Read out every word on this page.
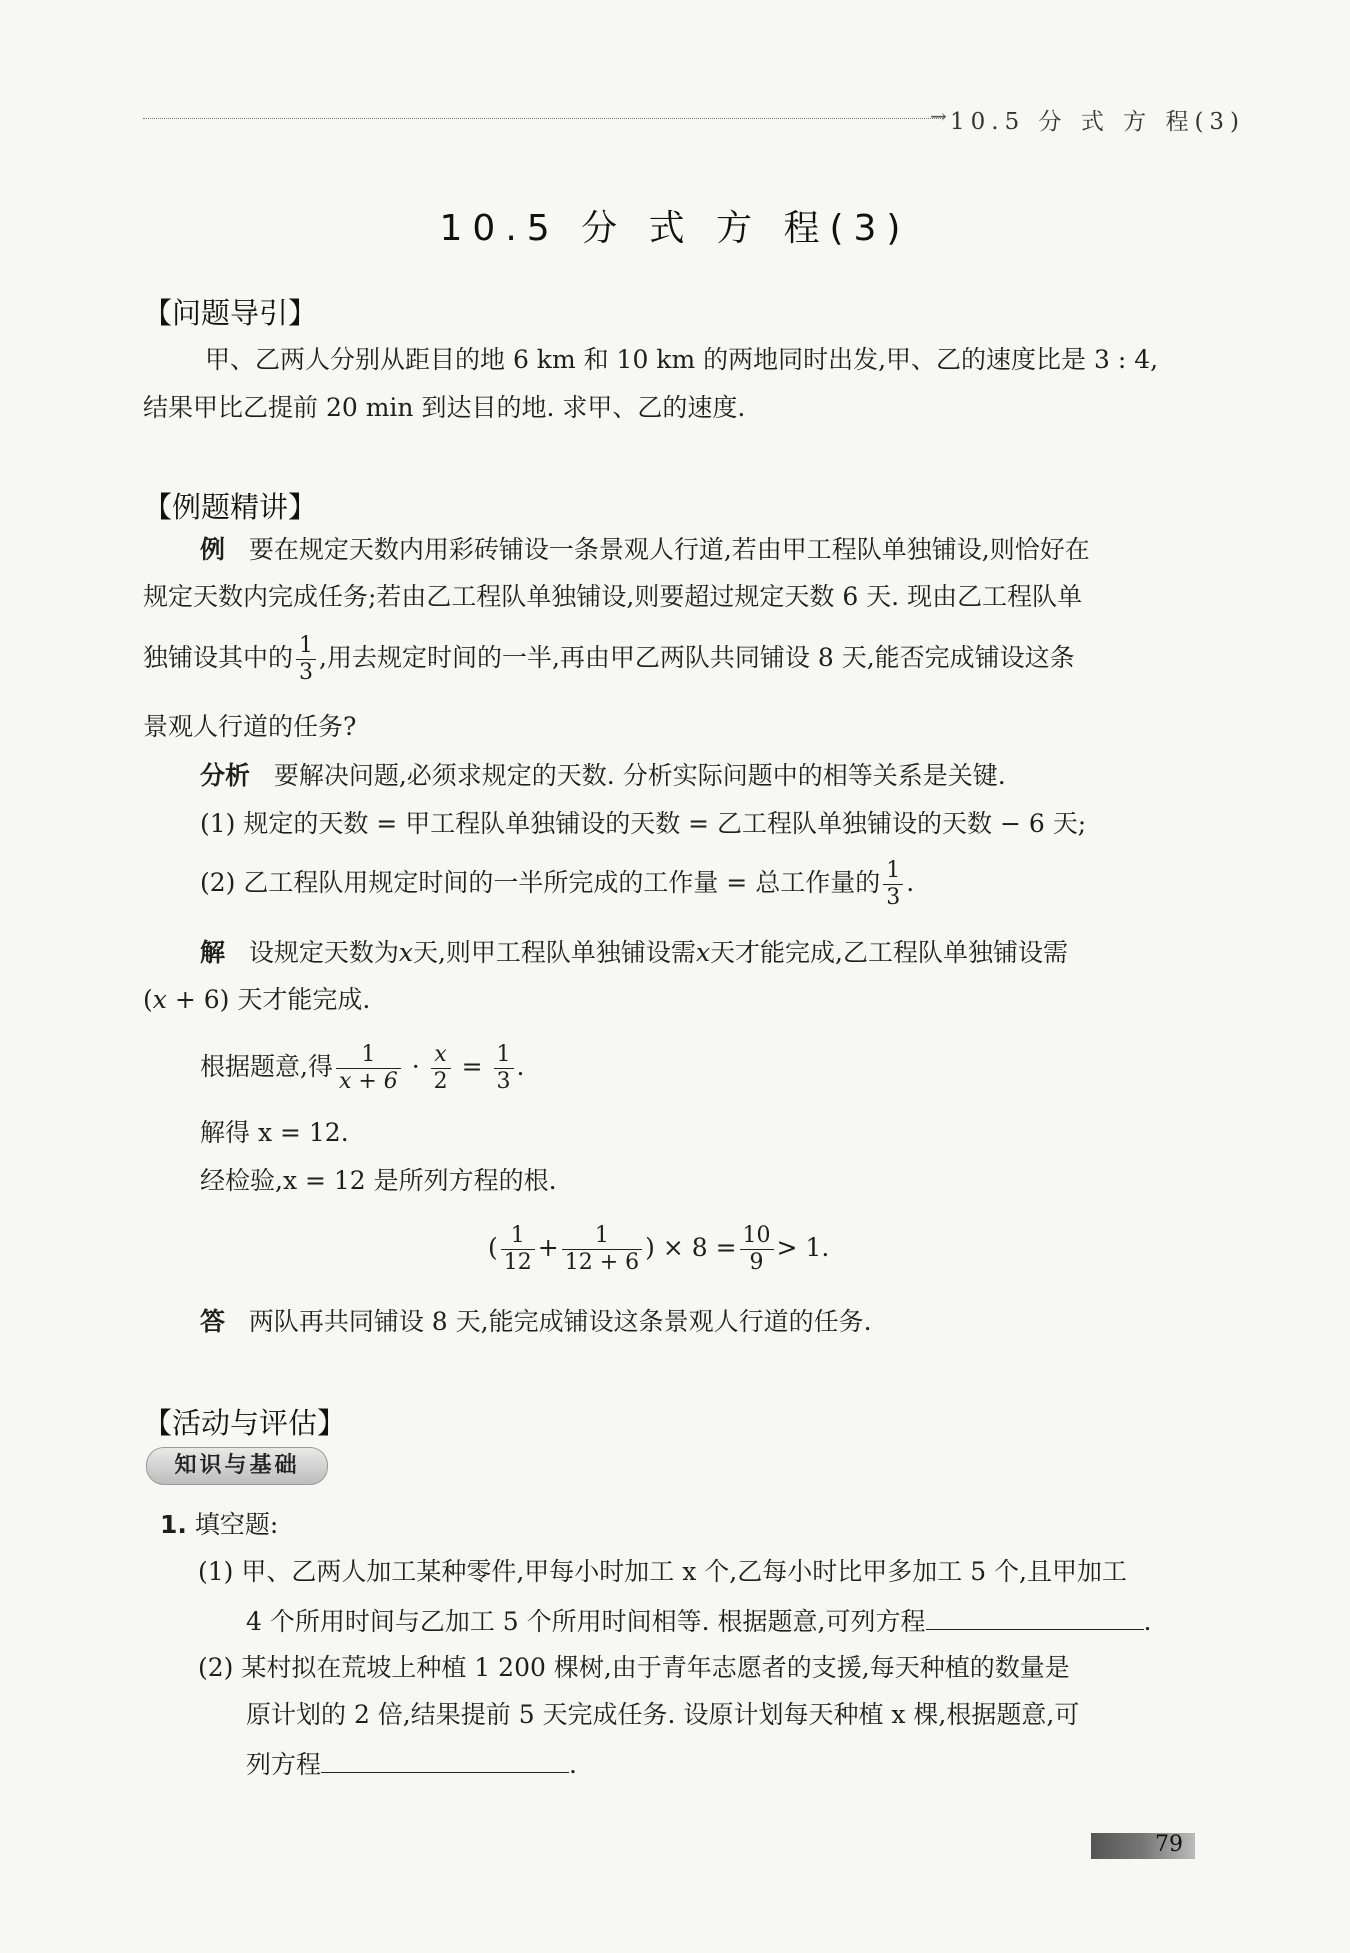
→ 10.5 分 式 方 程(3)
10.5 分 式 方 程(3)
【问题导引】
甲、乙两人分别从距目的地 6 km 和 10 km 的两地同时出发,甲、乙的速度比是 3 : 4,
结果甲比乙提前 20 min 到达目的地. 求甲、乙的速度.
【例题精讲】
例 要在规定天数内用彩砖铺设一条景观人行道,若由甲工程队单独铺设,则恰好在
规定天数内完成任务;若由乙工程队单独铺设,则要超过规定天数 6 天. 现由乙工程队单
独铺设其中的 $\frac{1}{3}$ ,用去规定时间的一半,再由甲乙两队共同铺设 8 天,能否完成铺设这条
景观人行道的任务?
分析 要解决问题,必须求规定的天数. 分析实际问题中的相等关系是关键.
(1) 规定的天数 = 甲工程队单独铺设的天数 = 乙工程队单独铺设的天数 − 6 天;
(2) 乙工程队用规定时间的一半所完成的工作量 = 总工作量的 $\frac{1}{3}$ .
解 设规定天数为x天,则甲工程队单独铺设需x天才能完成,乙工程队单独铺设需
(x + 6) 天才能完成.
根据题意,得 $\frac{1}{x + 6} \cdot \frac{x}{2} = \frac{1}{3}$ .
解得 x = 12.
经检验,x = 12 是所列方程的根.
( $\frac{1}{12} + \frac{1}{12 + 6}$ ) × $8 = \frac{10}{9} > 1$.
答 两队再共同铺设 8 天,能完成铺设这条景观人行道的任务.
【活动与评估】
知识与基础
1. 填空题:
(1) 甲、乙两人加工某种零件,甲每小时加工 x 个,乙每小时比甲多加工 5 个,且甲加工
4 个所用时间与乙加工 5 个所用时间相等. 根据题意,可列方程	.
(2) 某村拟在荒坡上种植 1 200 棵树,由于青年志愿者的支援,每天种植的数量是
原计划的 2 倍,结果提前 5 天完成任务. 设原计划每天种植 x 棵,根据题意,可
列方程	.
79
